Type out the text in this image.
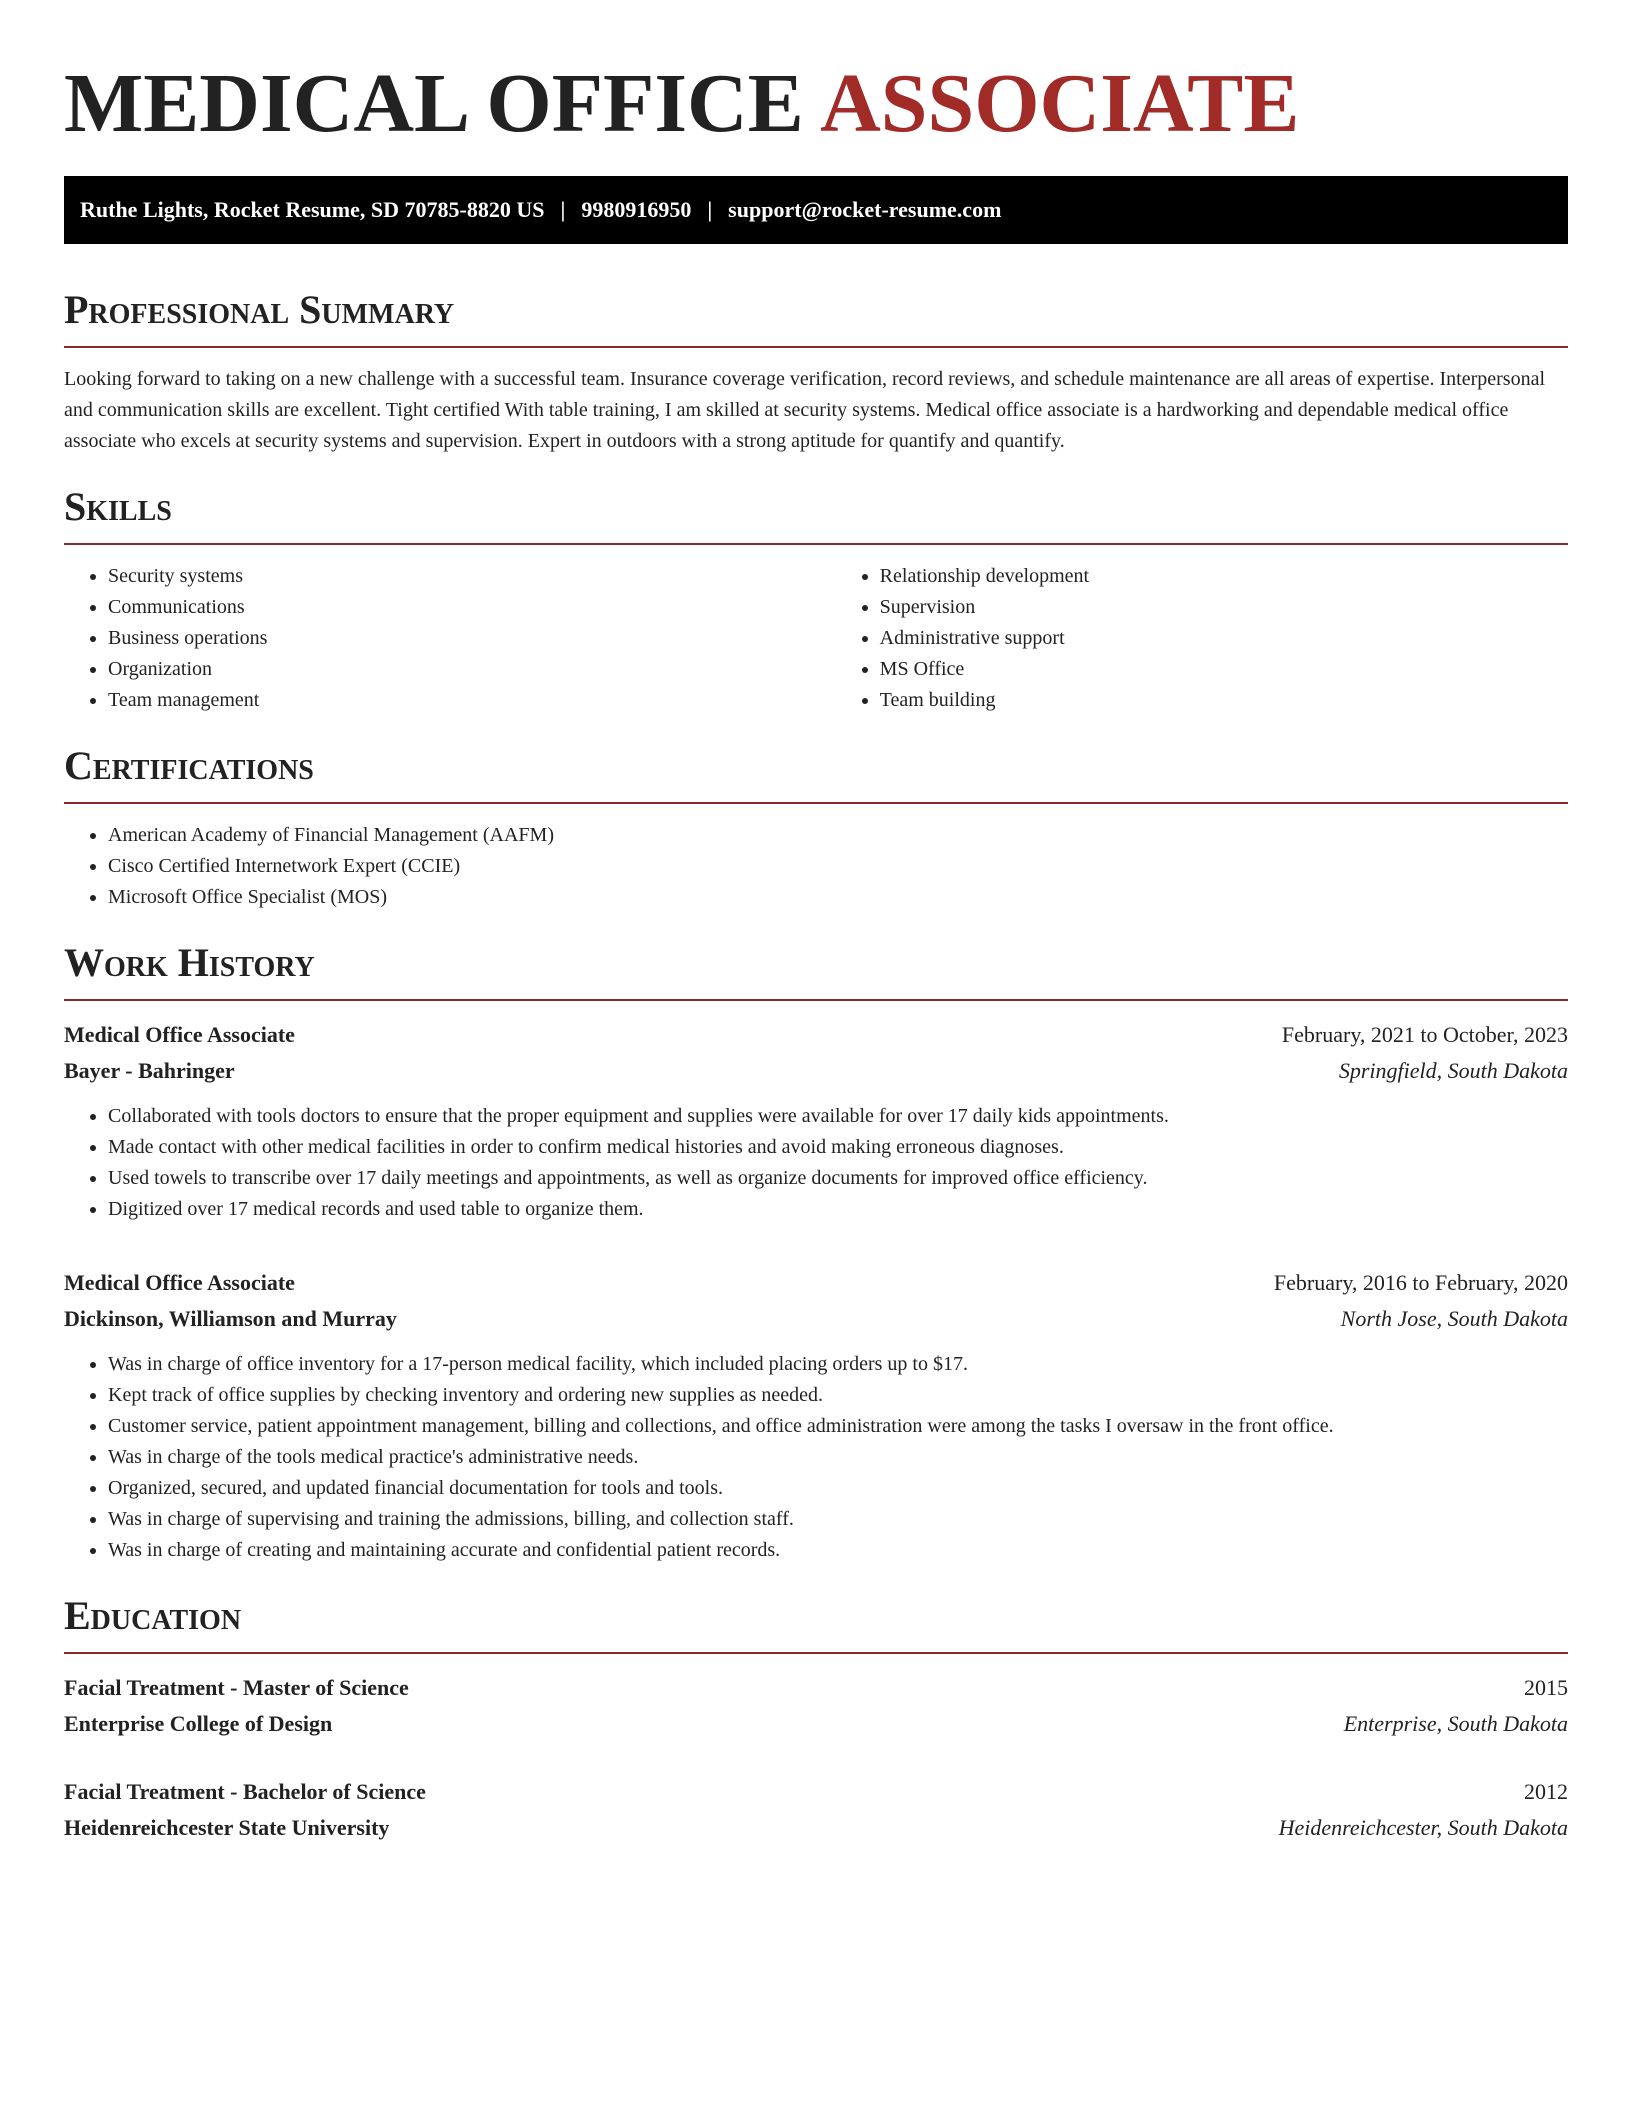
MEDICAL OFFICE ASSOCIATE
Ruthe Lights, Rocket Resume, SD 70785-8820 US | 9980916950 | support@rocket-resume.com
Professional Summary

Looking forward to taking on a new challenge with a successful team. Insurance coverage verification, record reviews, and schedule maintenance are all areas of expertise. Interpersonal and communication skills are excellent. Tight certified With table training, I am skilled at security systems. Medical office associate is a hardworking and dependable medical office associate who excels at security systems and supervision. Expert in outdoors with a strong aptitude for quantify and quantify.

Skills
• Security systems
• Communications
• Business operations
• Organization
• Team management
• Relationship development
• Supervision
• Administrative support
• MS Office
• Team building
Certifications
• American Academy of Financial Management (AAFM)
• Cisco Certified Internetwork Expert (CCIE)
• Microsoft Office Specialist (MOS)
Work History
Medical Office Associate	February, 2021 to October, 2023
Bayer - Bahringer	Springfield, South Dakota
• Collaborated with tools doctors to ensure that the proper equipment and supplies were available for over 17 daily kids appointments.
• Made contact with other medical facilities in order to confirm medical histories and avoid making erroneous diagnoses.
• Used towels to transcribe over 17 daily meetings and appointments, as well as organize documents for improved office efficiency.
• Digitized over 17 medical records and used table to organize them.
Medical Office Associate	February, 2016 to February, 2020
Dickinson, Williamson and Murray	North Jose, South Dakota
• Was in charge of office inventory for a 17-person medical facility, which included placing orders up to $17.
• Kept track of office supplies by checking inventory and ordering new supplies as needed.
• Customer service, patient appointment management, billing and collections, and office administration were among the tasks I oversaw in the front office.
• Was in charge of the tools medical practice's administrative needs.
• Organized, secured, and updated financial documentation for tools and tools.
• Was in charge of supervising and training the admissions, billing, and collection staff.
• Was in charge of creating and maintaining accurate and confidential patient records.
Education
Facial Treatment - Master of Science	2015
Enterprise College of Design	Enterprise, South Dakota
Facial Treatment - Bachelor of Science	2012
Heidenreichcester State University	Heidenreichcester, South Dakota
